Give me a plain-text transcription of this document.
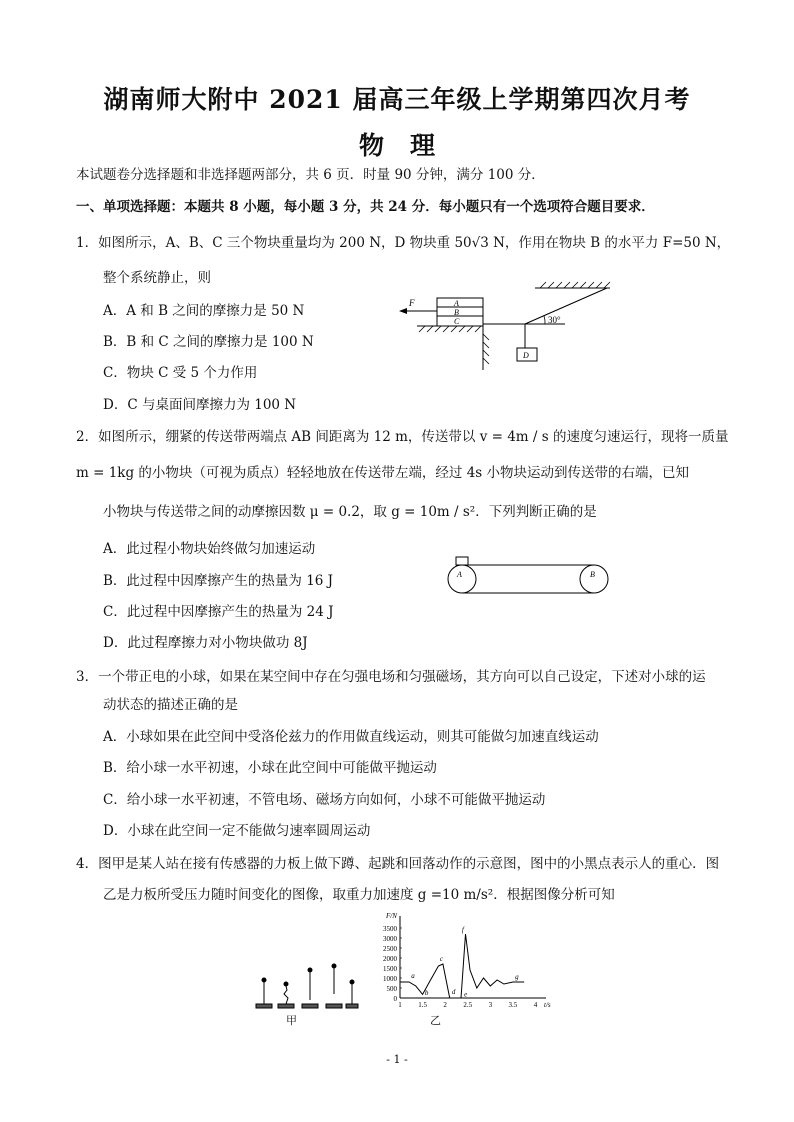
湖南师大附中 2021 届高三年级上学期第四次月考
物理
本试题卷分选择题和非选择题两部分，共 6 页．时量 90 分钟，满分 100 分．
一、单项选择题：本题共 8 小题，每小题 3 分，共 24 分．每小题只有一个选项符合题目要求．
1．如图所示，A、B、C 三个物块重量均为 200 N，D 物块重 50√3 N，作用在物块 B 的水平力 F=50 N，
整个系统静止，则
A．A 和 B 之间的摩擦力是 50 N
B．B 和 C 之间的摩擦力是 100 N
C．物块 C 受 5 个力作用
D．C 与桌面间摩擦力为 100 N
30°
A
B
C
F
D
2．如图所示，绷紧的传送带两端点 AB 间距离为 12 m，传送带以 v = 4m / s 的速度匀速运行，现将一质量
m = 1kg 的小物块（可视为质点）轻轻地放在传送带左端，经过 4s 小物块运动到传送带的右端，已知
小物块与传送带之间的动摩擦因数 μ = 0.2，取 g = 10m / s²．下列判断正确的是
A．此过程小物块始终做匀加速运动
B．此过程中因摩擦产生的热量为 16 J
C．此过程中因摩擦产生的热量为 24 J
D．此过程摩擦力对小物块做功 8J
A	B
3．一个带正电的小球，如果在某空间中存在匀强电场和匀强磁场，其方向可以自己设定，下述对小球的运
动状态的描述正确的是
A．小球如果在此空间中受洛伦兹力的作用做直线运动，则其可能做匀加速直线运动
B．给小球一水平初速，小球在此空间中可能做平抛运动
C．给小球一水平初速，不管电场、磁场方向如何，小球不可能做平抛运动
D．小球在此空间一定不能做匀速率圆周运动
4．图甲是某人站在接有传感器的力板上做下蹲、起跳和回落动作的示意图，图中的小黑点表示人的重心．图
乙是力板所受压力随时间变化的图像，取重力加速度 g =10 m/s²．根据图像分析可知
甲
3500
3000
2500
2000
1500
1000
500
0
1 1.5 2 2.5 3 3.5 4
F/N
t/s
a
b
c
d e
f
g
乙
- 1 -
